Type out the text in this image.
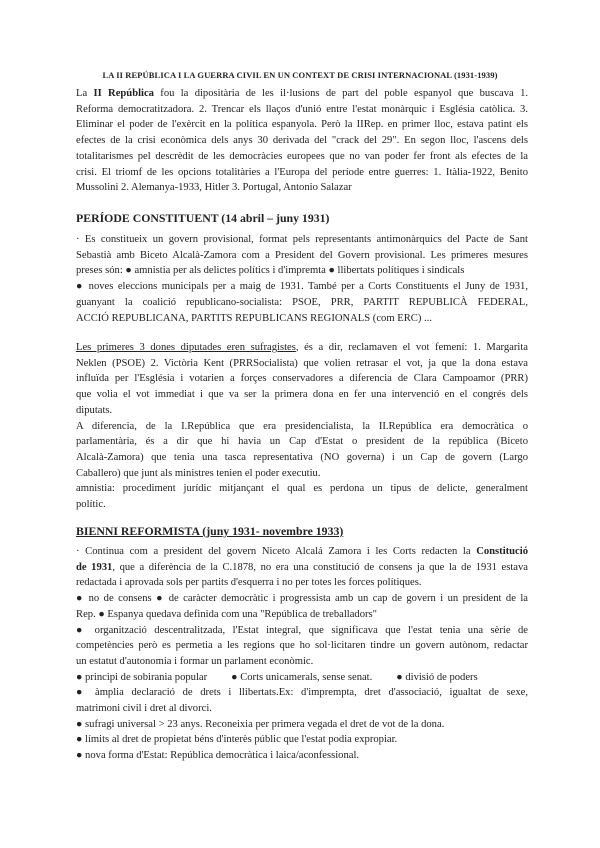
LA II REPÚBLICA I LA GUERRA CIVIL EN UN CONTEXT DE CRISI INTERNACIONAL (1931-1939)
La II República fou la dipositària de les il·lusions de part del poble espanyol que buscava 1.
Reforma democratitzadora. 2. Trencar els llaços d'unió entre l'estat monàrquic i Església catòlica. 3.
Eliminar el poder de l'exèrcit en la política espanyola. Però la IIRep. en primer lloc, estava patint els
efectes de la crisi econòmica dels anys 30 derivada del "crack del 29". En segon lloc, l'ascens dels
totalitarismes pel descrèdit de les democràcies europees que no van poder fer front als efectes de la
crisi. El triomf de les opcions totalitàries a l'Europa del període entre guerres: 1. Itàlia-1922, Benito
Mussolini 2. Alemanya-1933, Hitler 3. Portugal, Antonio Salazar
PERÍODE CONSTITUENT (14 abril – juny 1931)
· Es constitueix un govern provisional, format pels representants antimonàrquics del Pacte de Sant
Sebastià amb Biceto Alcalà-Zamora com a President del Govern provisional. Les primeres mesures
preses són: ● amnistia per als delictes polítics i d'impremta ● llibertats polítiques i sindicals
● noves eleccions municipals per a maig de 1931. També per a Corts Constituents el Juny de 1931,
guanyant la coalició republicano-socialista: PSOE, PRR, PARTIT REPUBLICÀ FEDERAL,
ACCIÓ REPUBLICANA, PARTITS REPUBLICANS REGIONALS (com ERC) ...
Les primeres 3 dones diputades eren sufragistes, és a dir, reclamaven el vot femení: 1. Margarita
Neklen (PSOE) 2. Victòria Kent (PRRSocialista) que volien retrasar el vot, ja que la dona estava
influïda per l'Església i votarien a forçes conservadores a diferencia de Clara Campoamor (PRR)
que volia el vot immediat i que va ser la primera dona en fer una intervenció en el congrés dels
diputats.
A diferencia, de la I.República que era presidencialista, la II.República era democràtica o
parlamentària, és a dir que hi havia un Cap d'Estat o president de la república (Biceto
Alcalà-Zamora) que tenia una tasca representativa (NO governa) i un Cap de govern (Largo
Caballero) que junt als ministres tenien el poder executiu.
amnistia: procediment jurídic mitjançant el qual es perdona un tipus de delicte, generalment
polític.
BIENNI REFORMISTA (juny 1931- novembre 1933)
· Continua com a president del govern Niceto Alcalá Zamora i les Corts redacten la Constitució
de 1931, que a diferència de la C.1878, no era una constitució de consens ja que la de 1931 estava
redactada i aprovada sols per partits d'esquerra i no per totes les forces polítiques.
● no de consens ● de caràcter democràtic i progressista amb un cap de govern i un president de la
Rep. ● Espanya quedava definida com una "República de treballadors"
● organització descentralitzada, l'Estat integral, que significava que l'estat tenia una sèrie de
competències però es permetia a les regions que ho sol·licitaren tindre un govern autònom, redactar
un estatut d'autonomia i formar un parlament econòmic.
● principi de sobirania popular ● Corts unicamerals, sense senat. ● divisió de poders
● àmplia declaració de drets i llibertats.Ex: d'imprempta, dret d'associació, igualtat de sexe,
matrimoni civil i dret al divorci.
● sufragi universal > 23 anys. Reconeixia per primera vegada el dret de vot de la dona.
● límits al dret de propietat béns d'interès públic que l'estat podia expropiar.
● nova forma d'Estat: República democràtica i laica/aconfessional.
